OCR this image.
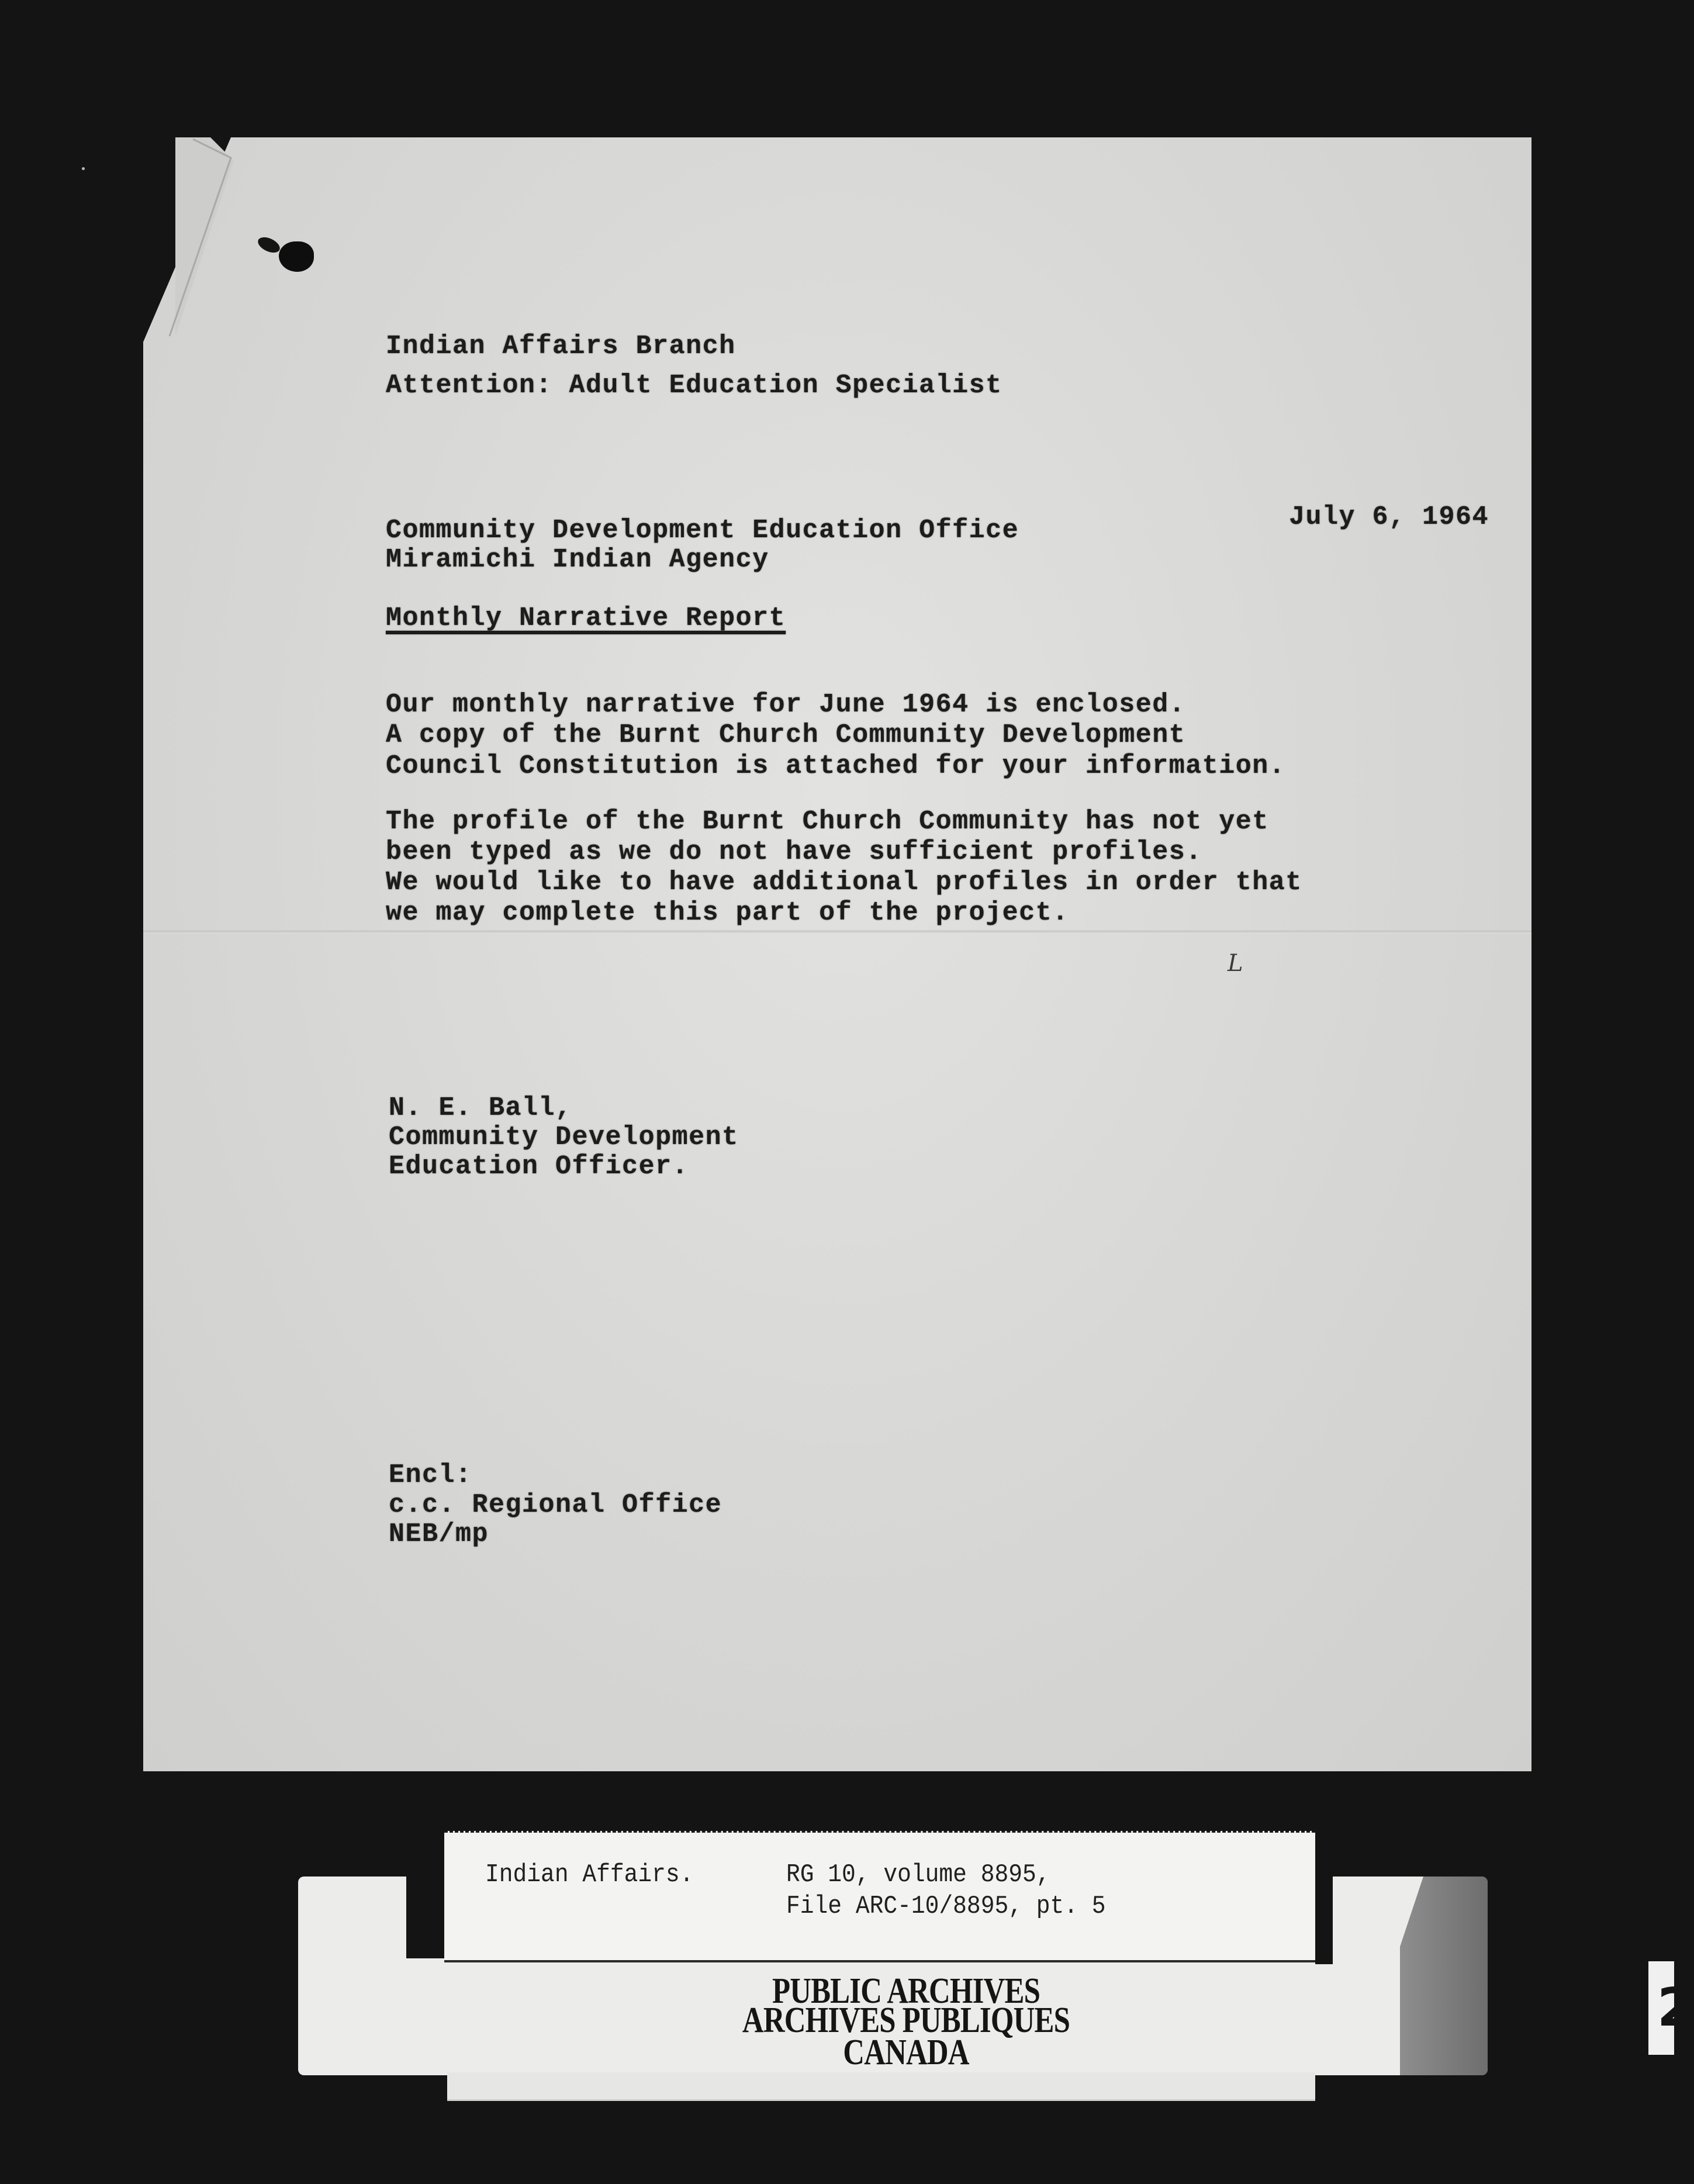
Indian Affairs Branch
Attention: Adult Education Specialist
July 6, 1964
Community Development Education Office
Miramichi Indian Agency
Monthly Narrative Report
Our monthly narrative for June 1964 is enclosed.
A copy of the Burnt Church Community Development
Council Constitution is attached for your information.
The profile of the Burnt Church Community has not yet
been typed as we do not have sufficient profiles.
We would like to have additional profiles in order that
we may complete this part of the project.
L
N. E. Ball,
Community Development
Education Officer.
Encl:
c.c. Regional Office
NEB/mp
Indian Affairs.	RG 10, volume 8895,
File ARC-10/8895, pt. 5
PUBLIC ARCHIVES
ARCHIVES PUBLIQUES
CANADA
2
